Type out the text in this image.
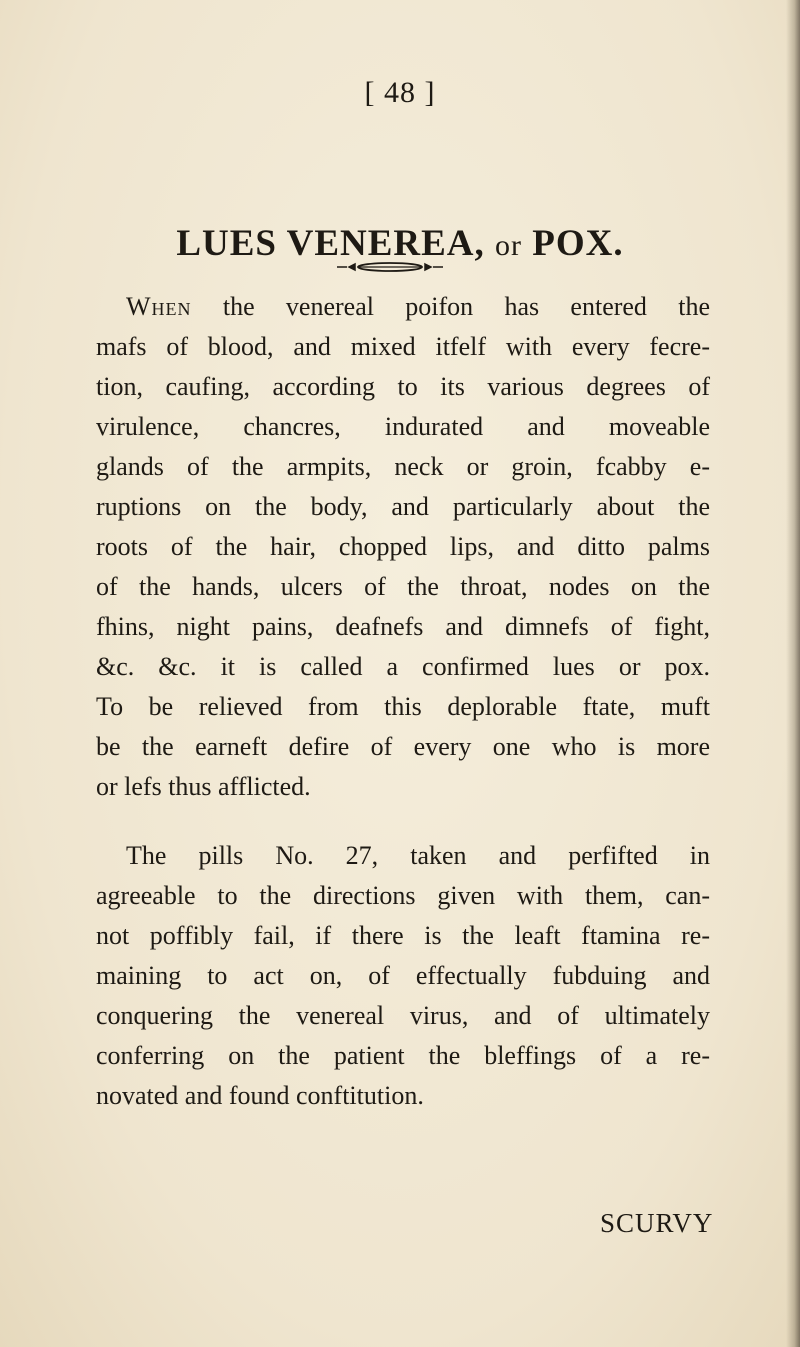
[ 48 ]
LUES VENEREA, or POX.
When the venereal poifon has entered the
mafs of blood, and mixed itfelf with every fecre-
tion, caufing, according to its various degrees of
virulence, chancres, indurated and moveable
glands of the armpits, neck or groin, fcabby e-
ruptions on the body, and particularly about the
roots of the hair, chopped lips, and ditto palms
of the hands, ulcers of the throat, nodes on the
fhins, night pains, deafnefs and dimnefs of fight,
&c. &c. it is called a confirmed lues or pox.
To be relieved from this deplorable ftate, muft
be the earneft defire of every one who is more
or lefs thus afflicted.
The pills No. 27, taken and perfifted in
agreeable to the directions given with them, can-
not poffibly fail, if there is the leaft ftamina re-
maining to act on, of effectually fubduing and
conquering the venereal virus, and of ultimately
conferring on the patient the bleffings of a re-
novated and found conftitution.
SCURVY
